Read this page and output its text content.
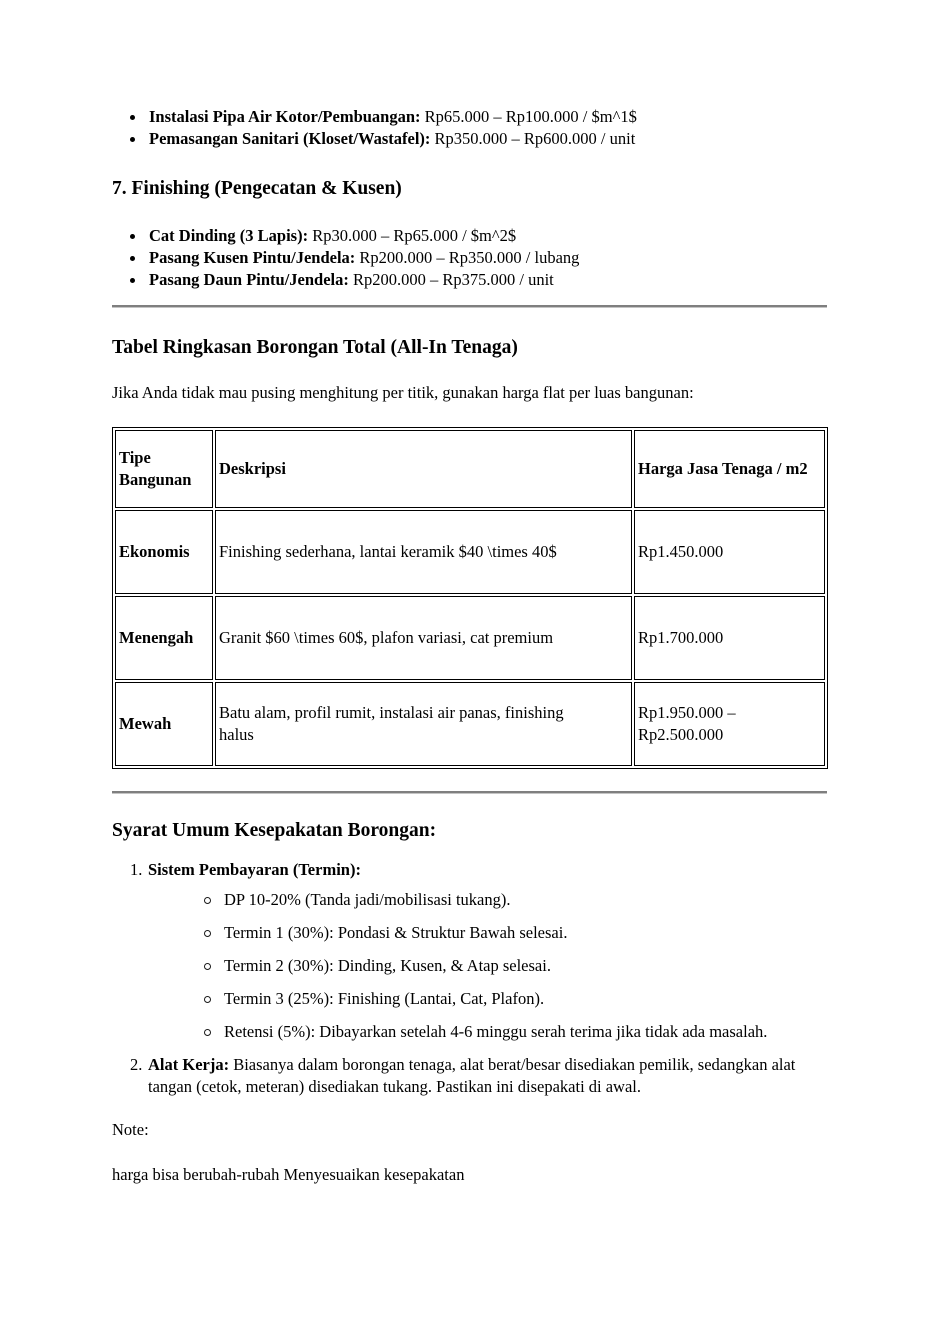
Instalasi Pipa Air Kotor/Pembuangan: Rp65.000 – Rp100.000 / $m^1$
Pemasangan Sanitari (Kloset/Wastafel): Rp350.000 – Rp600.000 / unit
7. Finishing (Pengecatan & Kusen)
Cat Dinding (3 Lapis): Rp30.000 – Rp65.000 / $m^2$
Pasang Kusen Pintu/Jendela: Rp200.000 – Rp350.000 / lubang
Pasang Daun Pintu/Jendela: Rp200.000 – Rp375.000 / unit
Tabel Ringkasan Borongan Total (All-In Tenaga)

Jika Anda tidak mau pusing menghitung per titik, gunakan harga flat per luas bangunan:

Tipe Bangunan	Deskripsi	Harga Jasa Tenaga / m2
Ekonomis	Finishing sederhana, lantai keramik $40 \times 40$	Rp1.450.000
Menengah	Granit $60 \times 60$, plafon variasi, cat premium	Rp1.700.000
Mewah	Batu alam, profil rumit, instalasi air panas, finishing halus	Rp1.950.000 – Rp2.500.000
Syarat Umum Kesepakatan Borongan:
1. Sistem Pembayaran (Termin):
DP 10-20% (Tanda jadi/mobilisasi tukang).
Termin 1 (30%): Pondasi & Struktur Bawah selesai.
Termin 2 (30%): Dinding, Kusen, & Atap selesai.
Termin 3 (25%): Finishing (Lantai, Cat, Plafon).
Retensi (5%): Dibayarkan setelah 4-6 minggu serah terima jika tidak ada masalah.
2. Alat Kerja: Biasanya dalam borongan tenaga, alat berat/besar disediakan pemilik, sedangkan alat tangan (cetok, meteran) disediakan tukang. Pastikan ini disepakati di awal.

Note:

harga bisa berubah-rubah Menyesuaikan kesepakatan
